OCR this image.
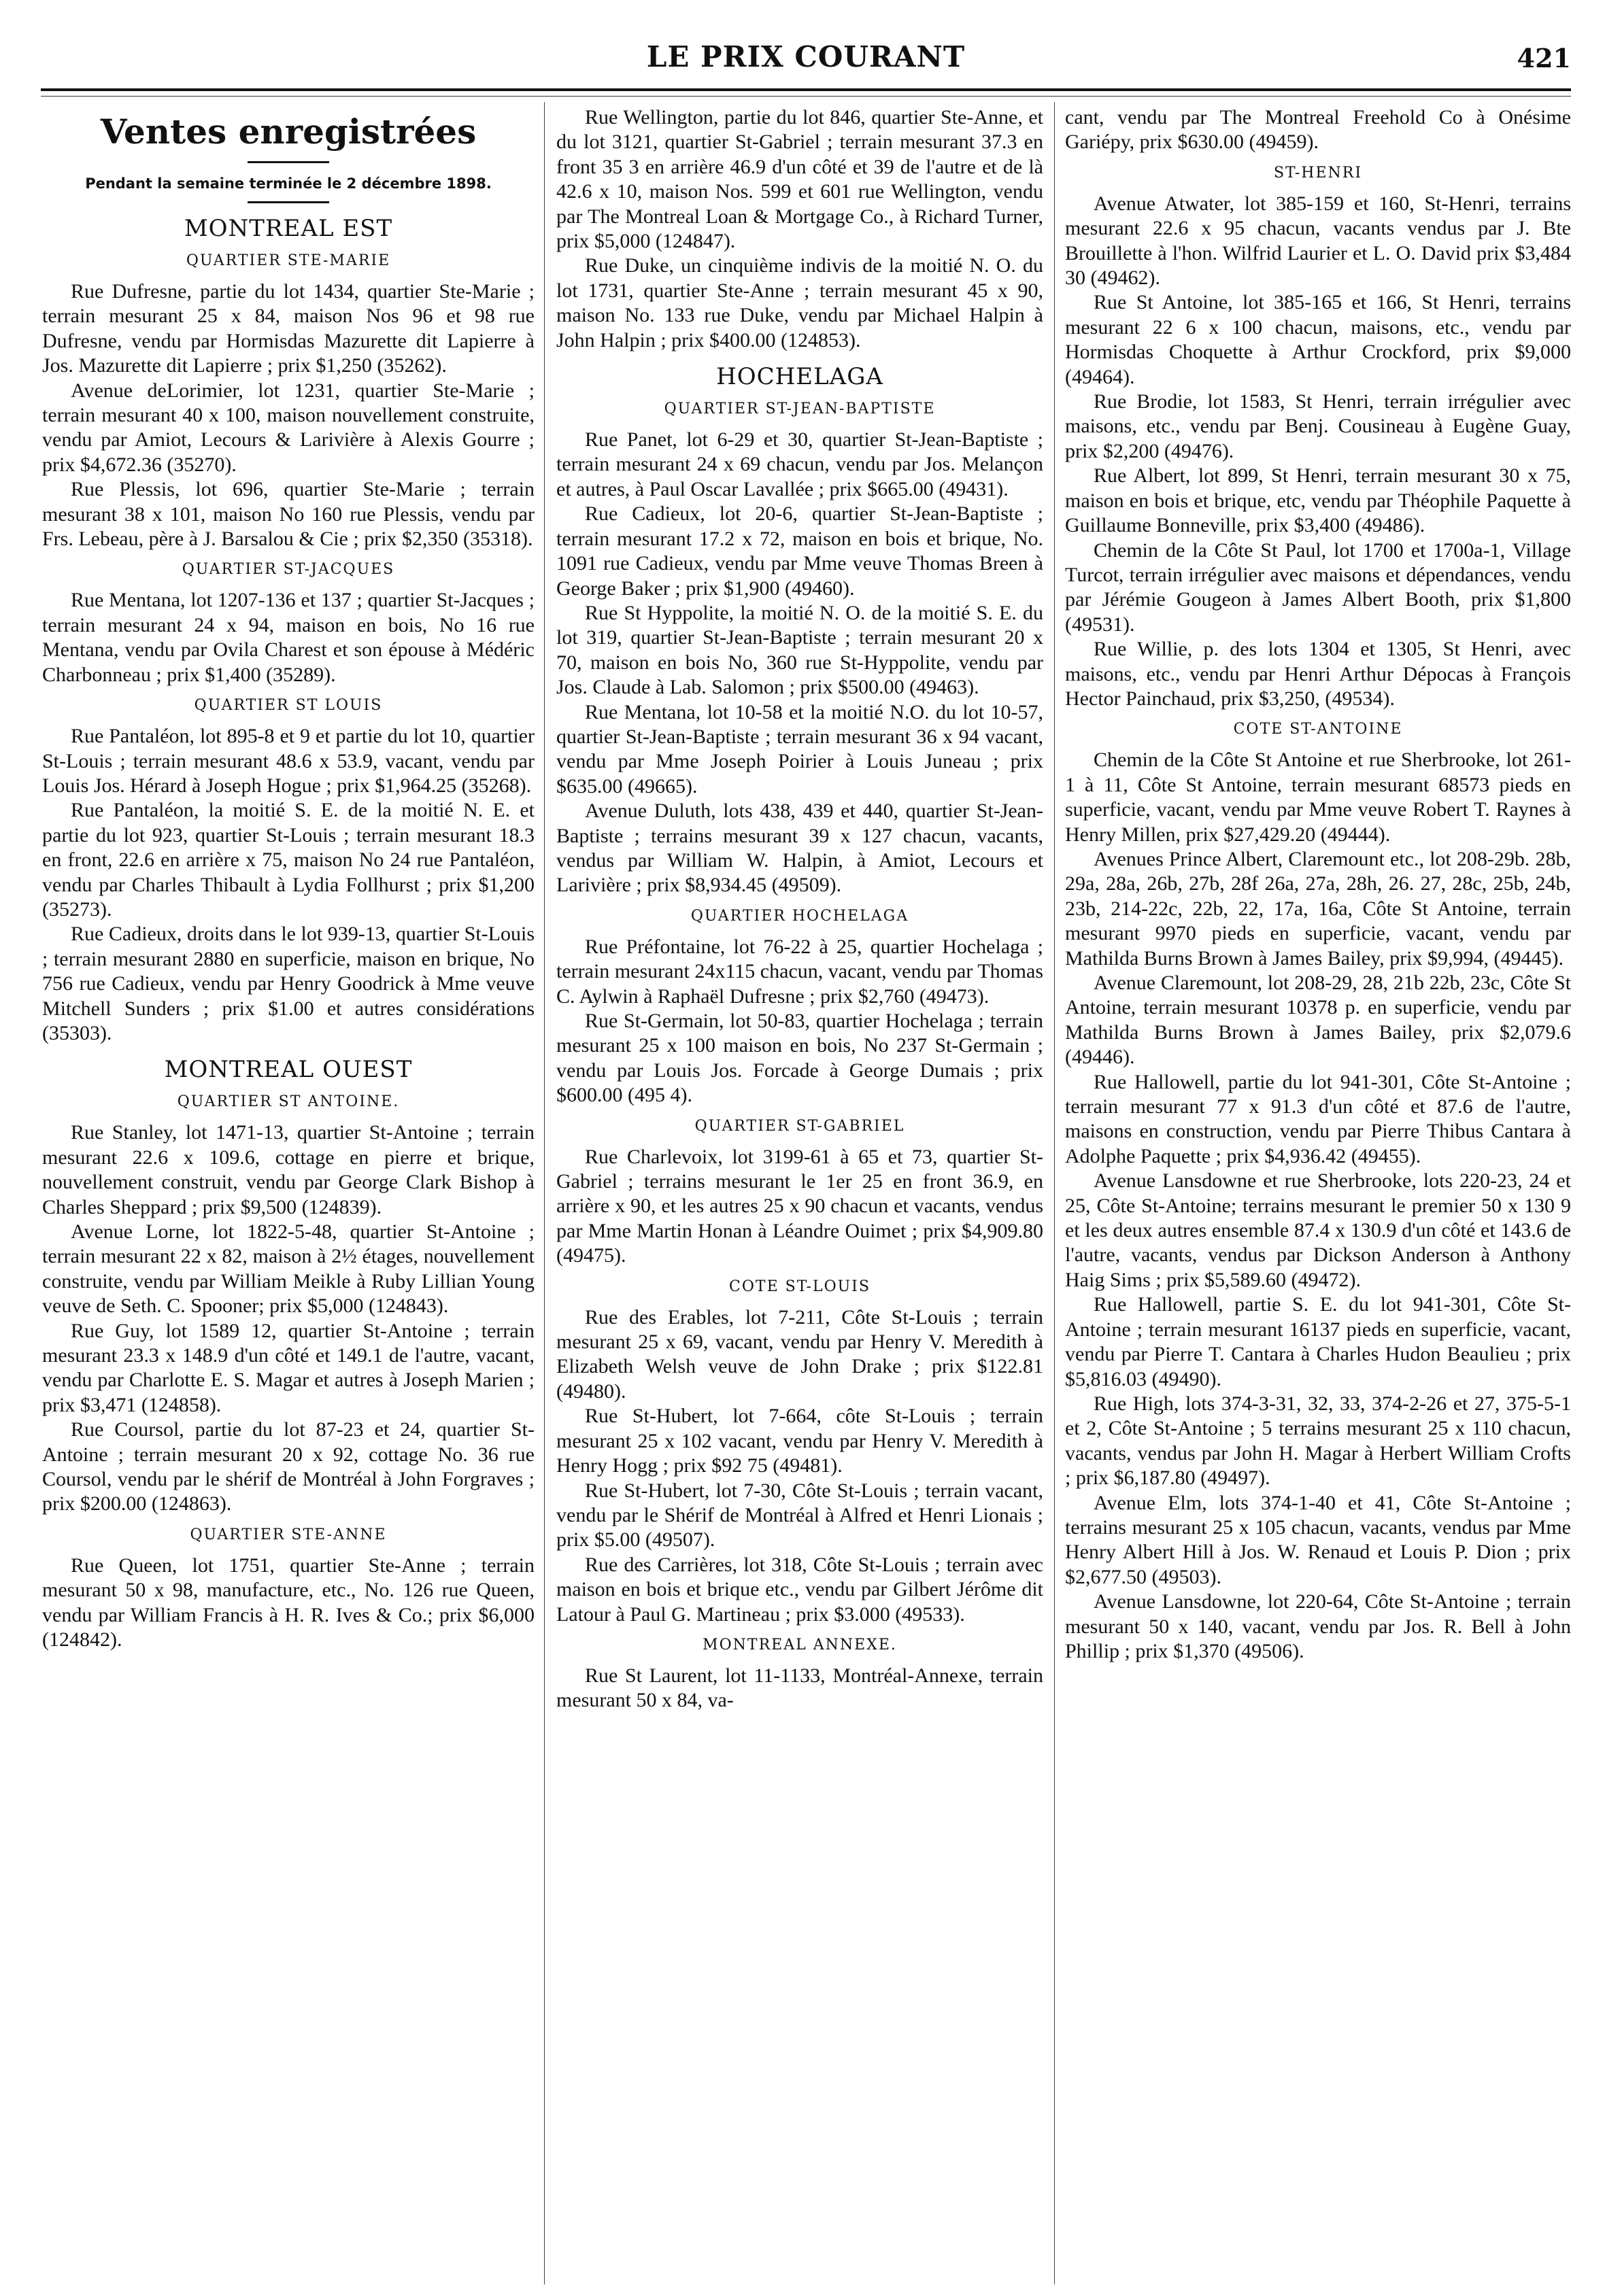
LE PRIX COURANT	421
Ventes enregistrées
Pendant la semaine terminée le 2 décembre 1898.
MONTREAL EST
QUARTIER STE-MARIE

Rue Dufresne, partie du lot 1434, quartier Ste-Marie ; terrain mesurant 25 x 84, maison Nos 96 et 98 rue Dufresne, vendu par Hormisdas Mazurette dit Lapierre à Jos. Mazurette dit Lapierre ; prix $1,250 (35262).

Avenue deLorimier, lot 1231, quartier Ste-Marie ; terrain mesurant 40 x 100, maison nouvellement construite, vendu par Amiot, Lecours & Larivière à Alexis Gourre ; prix $4,672.36 (35270).

Rue Plessis, lot 696, quartier Ste-Marie ; terrain mesurant 38 x 101, maison No 160 rue Plessis, vendu par Frs. Lebeau, père à J. Barsalou & Cie ; prix $2,350 (35318).

QUARTIER ST-JACQUES

Rue Mentana, lot 1207-136 et 137 ; quartier St-Jacques ; terrain mesurant 24 x 94, maison en bois, No 16 rue Mentana, vendu par Ovila Charest et son épouse à Médéric Charbonneau ; prix $1,400 (35289).

QUARTIER ST LOUIS

Rue Pantaléon, lot 895-8 et 9 et partie du lot 10, quartier St-Louis ; terrain mesurant 48.6 x 53.9, vacant, vendu par Louis Jos. Hérard à Joseph Hogue ; prix $1,964.25 (35268).

Rue Pantaléon, la moitié S. E. de la moitié N. E. et partie du lot 923, quartier St-Louis ; terrain mesurant 18.3 en front, 22.6 en arrière x 75, maison No 24 rue Pantaléon, vendu par Charles Thibault à Lydia Follhurst ; prix $1,200 (35273).

Rue Cadieux, droits dans le lot 939-13, quartier St-Louis ; terrain mesurant 2880 en superficie, maison en brique, No 756 rue Cadieux, vendu par Henry Goodrick à Mme veuve Mitchell Sunders ; prix $1.00 et autres considérations (35303).

MONTREAL OUEST
QUARTIER ST ANTOINE.

Rue Stanley, lot 1471-13, quartier St-Antoine ; terrain mesurant 22.6 x 109.6, cottage en pierre et brique, nouvellement construit, vendu par George Clark Bishop à Charles Sheppard ; prix $9,500 (124839).

Avenue Lorne, lot 1822-5-48, quartier St-Antoine ; terrain mesurant 22 x 82, maison à 2½ étages, nouvellement construite, vendu par William Meikle à Ruby Lillian Young veuve de Seth. C. Spooner; prix $5,000 (124843).

Rue Guy, lot 1589 12, quartier St-Antoine ; terrain mesurant 23.3 x 148.9 d'un côté et 149.1 de l'autre, vacant, vendu par Charlotte E. S. Magar et autres à Joseph Marien ; prix $3,471 (124858).

Rue Coursol, partie du lot 87-23 et 24, quartier St-Antoine ; terrain mesurant 20 x 92, cottage No. 36 rue Coursol, vendu par le shérif de Montréal à John Forgraves ; prix $200.00 (124863).

QUARTIER STE-ANNE

Rue Queen, lot 1751, quartier Ste-Anne ; terrain mesurant 50 x 98, manufacture, etc., No. 126 rue Queen, vendu par William Francis à H. R. Ives & Co.; prix $6,000 (124842).

Rue Wellington, partie du lot 846, quartier Ste-Anne, et du lot 3121, quartier St-Gabriel ; terrain mesurant 37.3 en front 35 3 en arrière 46.9 d'un côté et 39 de l'autre et de là 42.6 x 10, maison Nos. 599 et 601 rue Wellington, vendu par The Montreal Loan & Mortgage Co., à Richard Turner, prix $5,000 (124847).

Rue Duke, un cinquième indivis de la moitié N. O. du lot 1731, quartier Ste-Anne ; terrain mesurant 45 x 90, maison No. 133 rue Duke, vendu par Michael Halpin à John Halpin ; prix $400.00 (124853).

HOCHELAGA
QUARTIER ST-JEAN-BAPTISTE

Rue Panet, lot 6-29 et 30, quartier St-Jean-Baptiste ; terrain mesurant 24 x 69 chacun, vendu par Jos. Melançon et autres, à Paul Oscar Lavallée ; prix $665.00 (49431).

Rue Cadieux, lot 20-6, quartier St-Jean-Baptiste ; terrain mesurant 17.2 x 72, maison en bois et brique, No. 1091 rue Cadieux, vendu par Mme veuve Thomas Breen à George Baker ; prix $1,900 (49460).

Rue St Hyppolite, la moitié N. O. de la moitié S. E. du lot 319, quartier St-Jean-Baptiste ; terrain mesurant 20 x 70, maison en bois No, 360 rue St-Hyppolite, vendu par Jos. Claude à Lab. Salomon ; prix $500.00 (49463).

Rue Mentana, lot 10-58 et la moitié N.O. du lot 10-57, quartier St-Jean-Baptiste ; terrain mesurant 36 x 94 vacant, vendu par Mme Joseph Poirier à Louis Juneau ; prix $635.00 (49665).

Avenue Duluth, lots 438, 439 et 440, quartier St-Jean-Baptiste ; terrains mesurant 39 x 127 chacun, vacants, vendus par William W. Halpin, à Amiot, Lecours et Larivière ; prix $8,934.45 (49509).

QUARTIER HOCHELAGA

Rue Préfontaine, lot 76-22 à 25, quartier Hochelaga ; terrain mesurant 24x115 chacun, vacant, vendu par Thomas C. Aylwin à Raphaël Dufresne ; prix $2,760 (49473).

Rue St-Germain, lot 50-83, quartier Hochelaga ; terrain mesurant 25 x 100 maison en bois, No 237 St-Germain ; vendu par Louis Jos. Forcade à George Dumais ; prix $600.00 (495 4).

QUARTIER ST-GABRIEL

Rue Charlevoix, lot 3199-61 à 65 et 73, quartier St-Gabriel ; terrains mesurant le 1er 25 en front 36.9, en arrière x 90, et les autres 25 x 90 chacun et vacants, vendus par Mme Martin Honan à Léandre Ouimet ; prix $4,909.80 (49475).

COTE ST-LOUIS

Rue des Erables, lot 7-211, Côte St-Louis ; terrain mesurant 25 x 69, vacant, vendu par Henry V. Meredith à Elizabeth Welsh veuve de John Drake ; prix $122.81 (49480).

Rue St-Hubert, lot 7-664, côte St-Louis ; terrain mesurant 25 x 102 vacant, vendu par Henry V. Meredith à Henry Hogg ; prix $92 75 (49481).

Rue St-Hubert, lot 7-30, Côte St-Louis ; terrain vacant, vendu par le Shérif de Montréal à Alfred et Henri Lionais ; prix $5.00 (49507).

Rue des Carrières, lot 318, Côte St-Louis ; terrain avec maison en bois et brique etc., vendu par Gilbert Jérôme dit Latour à Paul G. Martineau ; prix $3.000 (49533).

MONTREAL ANNEXE.

Rue St Laurent, lot 11-1133, Montréal-Annexe, terrain mesurant 50 x 84, va-

cant, vendu par The Montreal Freehold Co à Onésime Gariépy, prix $630.00 (49459).

ST-HENRI

Avenue Atwater, lot 385-159 et 160, St-Henri, terrains mesurant 22.6 x 95 chacun, vacants vendus par J. Bte Brouillette à l'hon. Wilfrid Laurier et L. O. David prix $3,484 30 (49462).

Rue St Antoine, lot 385-165 et 166, St Henri, terrains mesurant 22 6 x 100 chacun, maisons, etc., vendu par Hormisdas Choquette à Arthur Crockford, prix $9,000 (49464).

Rue Brodie, lot 1583, St Henri, terrain irrégulier avec maisons, etc., vendu par Benj. Cousineau à Eugène Guay, prix $2,200 (49476).

Rue Albert, lot 899, St Henri, terrain mesurant 30 x 75, maison en bois et brique, etc, vendu par Théophile Paquette à Guillaume Bonneville, prix $3,400 (49486).

Chemin de la Côte St Paul, lot 1700 et 1700a-1, Village Turcot, terrain irrégulier avec maisons et dépendances, vendu par Jérémie Gougeon à James Albert Booth, prix $1,800 (49531).

Rue Willie, p. des lots 1304 et 1305, St Henri, avec maisons, etc., vendu par Henri Arthur Dépocas à François Hector Painchaud, prix $3,250, (49534).

COTE ST-ANTOINE

Chemin de la Côte St Antoine et rue Sherbrooke, lot 261-1 à 11, Côte St Antoine, terrain mesurant 68573 pieds en superficie, vacant, vendu par Mme veuve Robert T. Raynes à Henry Millen, prix $27,429.20 (49444).

Avenues Prince Albert, Claremount etc., lot 208-29b. 28b, 29a, 28a, 26b, 27b, 28f 26a, 27a, 28h, 26. 27, 28c, 25b, 24b, 23b, 214-22c, 22b, 22, 17a, 16a, Côte St Antoine, terrain mesurant 9970 pieds en superficie, vacant, vendu par Mathilda Burns Brown à James Bailey, prix $9,994, (49445).

Avenue Claremount, lot 208-29, 28, 21b 22b, 23c, Côte St Antoine, terrain mesurant 10378 p. en superficie, vendu par Mathilda Burns Brown à James Bailey, prix $2,079.6 (49446).

Rue Hallowell, partie du lot 941-301, Côte St-Antoine ; terrain mesurant 77 x 91.3 d'un côté et 87.6 de l'autre, maisons en construction, vendu par Pierre Thibus Cantara à Adolphe Paquette ; prix $4,936.42 (49455).

Avenue Lansdowne et rue Sherbrooke, lots 220-23, 24 et 25, Côte St-Antoine; terrains mesurant le premier 50 x 130 9 et les deux autres ensemble 87.4 x 130.9 d'un côté et 143.6 de l'autre, vacants, vendus par Dickson Anderson à Anthony Haig Sims ; prix $5,589.60 (49472).

Rue Hallowell, partie S. E. du lot 941-301, Côte St-Antoine ; terrain mesurant 16137 pieds en superficie, vacant, vendu par Pierre T. Cantara à Charles Hudon Beaulieu ; prix $5,816.03 (49490).

Rue High, lots 374-3-31, 32, 33, 374-2-26 et 27, 375-5-1 et 2, Côte St-Antoine ; 5 terrains mesurant 25 x 110 chacun, vacants, vendus par John H. Magar à Herbert William Crofts ; prix $6,187.80 (49497).

Avenue Elm, lots 374-1-40 et 41, Côte St-Antoine ; terrains mesurant 25 x 105 chacun, vacants, vendus par Mme Henry Albert Hill à Jos. W. Renaud et Louis P. Dion ; prix $2,677.50 (49503).

Avenue Lansdowne, lot 220-64, Côte St-Antoine ; terrain mesurant 50 x 140, vacant, vendu par Jos. R. Bell à John Phillip ; prix $1,370 (49506).
